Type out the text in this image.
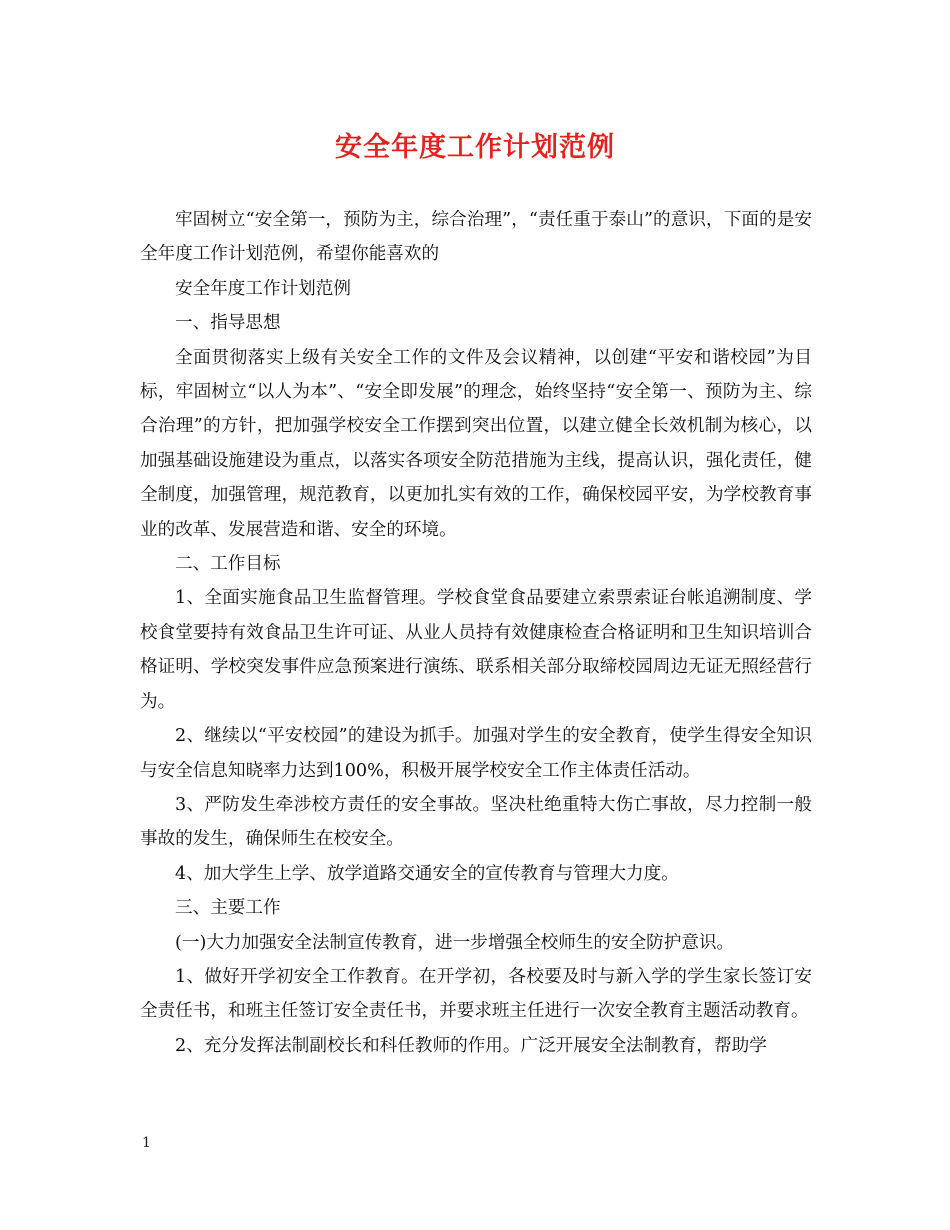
安全年度工作计划范例

牢固树立“安全第一，预防为主，综合治理”，“责任重于泰山”的意识，下面的是安全年度工作计划范例，希望你能喜欢的

安全年度工作计划范例

一、指导思想

全面贯彻落实上级有关安全工作的文件及会议精神，以创建“平安和谐校园”为目标，牢固树立“以人为本”、“安全即发展”的理念，始终坚持“安全第一、预防为主、综合治理”的方针，把加强学校安全工作摆到突出位置，以建立健全长效机制为核心，以加强基础设施建设为重点，以落实各项安全防范措施为主线，提高认识，强化责任，健全制度，加强管理，规范教育，以更加扎实有效的工作，确保校园平安，为学校教育事业的改革、发展营造和谐、安全的环境。

二、工作目标

1、全面实施食品卫生监督管理。学校食堂食品要建立索票索证台帐追溯制度、学校食堂要持有效食品卫生许可证、从业人员持有效健康检查合格证明和卫生知识培训合格证明、学校突发事件应急预案进行演练、联系相关部分取缔校园周边无证无照经营行为。

2、继续以“平安校园”的建设为抓手。加强对学生的安全教育，使学生得安全知识与安全信息知晓率力达到100%，积极开展学校安全工作主体责任活动。

3、严防发生牵涉校方责任的安全事故。坚决杜绝重特大伤亡事故，尽力控制一般事故的发生，确保师生在校安全。

4、加大学生上学、放学道路交通安全的宣传教育与管理大力度。

三、主要工作

(一)大力加强安全法制宣传教育，进一步增强全校师生的安全防护意识。

1、做好开学初安全工作教育。在开学初，各校要及时与新入学的学生家长签订安全责任书，和班主任签订安全责任书，并要求班主任进行一次安全教育主题活动教育。

2、充分发挥法制副校长和科任教师的作用。广泛开展安全法制教育，帮助学

1
